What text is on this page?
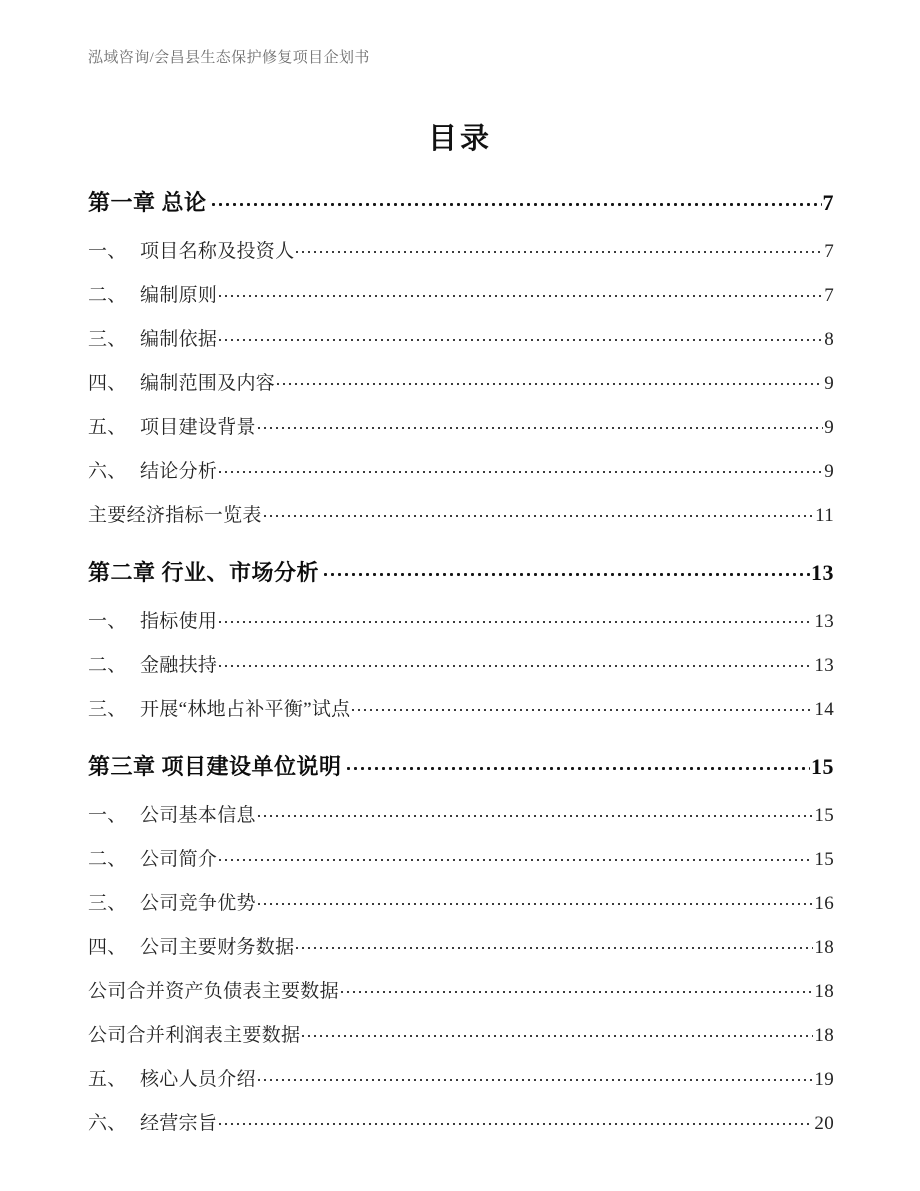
泓域咨询/会昌县生态保护修复项目企划书
目录
第一章 总论	7
一、 项目名称及投资人	7
二、 编制原则	7
三、 编制依据	8
四、 编制范围及内容	9
五、 项目建设背景	9
六、 结论分析	9
主要经济指标一览表	11
第二章 行业、市场分析	13
一、 指标使用	13
二、 金融扶持	13
三、 开展“林地占补平衡”试点	14
第三章 项目建设单位说明	15
一、 公司基本信息	15
二、 公司简介	15
三、 公司竞争优势	16
四、 公司主要财务数据	18
公司合并资产负债表主要数据	18
公司合并利润表主要数据	18
五、 核心人员介绍	19
六、 经营宗旨	20
